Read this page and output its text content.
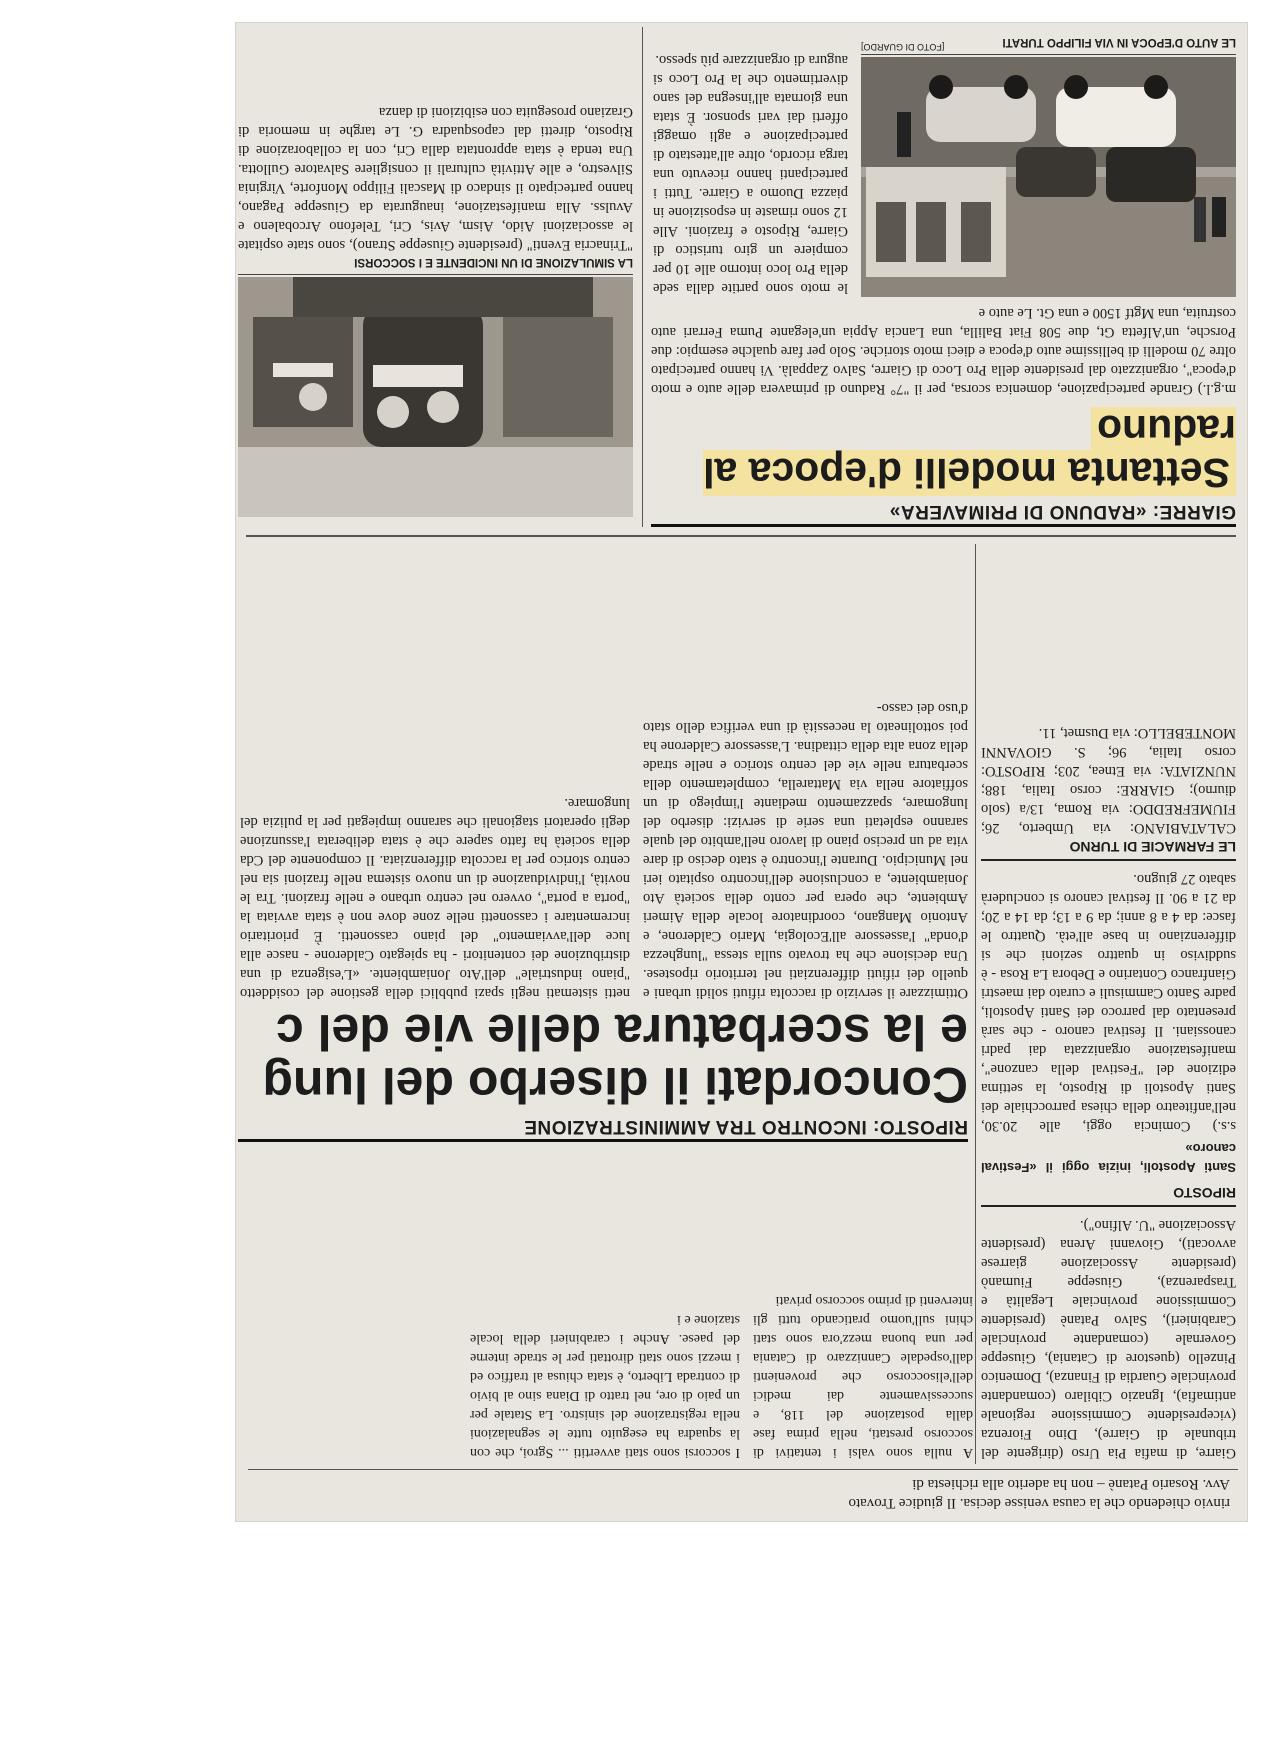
rinvio chiedendo che la causa venisse decisa. Il giudice Trovato
Avv. Rosario Patanè – non ha aderito alla richiesta di

A nulla sono valsi i tentativi di soccorso prestati, nella prima fase dalla postazione del 118, e successivamente dai medici dell'elisoccorso che provenienti dall'ospedale Cannizzaro di Catania per una buona mezz'ora sono stati chini sull'uomo praticando tutti gli interventi di primo soccorso privati

I soccorsi sono stati avvertiti ... Sgroi, che con la squadra ha eseguito tutte le segnalazioni nella registrazione del sinistro. La Statale per un paio di ore, nel tratto di Diana sino al bivio di contrada Liberto, è stata chiusa al traffico ed i mezzi sono stati dirottati per le strade interne del paese. Anche i carabinieri della locale stazione e i

Giarre, di mafia Pia Urso (dirigente del tribunale di Giarre), Dino Fiorenza (vicepresidente Commissione regionale antimafia), Ignazio Cibilaro (comandante provinciale Guardia di Finanza), Domenico Pinzello (questore di Catania), Giuseppe Governale (comandante provinciale Carabinieri), Salvo Patanè (presidente Commissione provinciale Legalità e Trasparenza), Giuseppe Fiumanò (presidente Associazione giarrese avvocati), Giovanni Arena (presidente Associazione "U. Alfino").

RIPOSTO
Santi Apostoli, inizia oggi il «Festival canoro»

s.s.) Comincia oggi, alle 20.30, nell'anfiteatro della chiesa parrocchiale dei Santi Apostoli di Riposto, la settima edizione del "Festival della canzone", manifestazione organizzata dai padri canossiani. Il festival canoro - che sarà presentato dal parroco dei Santi Apostoli, padre Santo Cammisuli e curato dai maestri Gianfranco Contarino e Debora La Rosa - è suddiviso in quattro sezioni che si differenziano in base all'età. Quattro le fasce: da 4 a 8 anni; da 9 a 13; da 14 a 20; da 21 a 90. Il festival canoro si concluderà sabato 27 giugno.

LE FARMACIE DI TURNO

CALATABIANO: via Umberto, 26; FIUMEFREDDO: via Roma, 13/a (solo diurno); GIARRE: corso Italia, 188; NUNZIATA: via Etnea, 203; RIPOSTO: corso Italia, 96; S. GIOVANNI MONTEBELLO: via Dusmet, 11.

RIPOSTO: INCONTRO TRA AMMINISTRAZIONE
Concordati il diserbo del lung
e la scerbatura delle vie del c

Ottimizzare il servizio di raccolta rifiuti solidi urbani e quello dei rifiuti differenziati nel territorio ripostese. Una decisione che ha trovato sulla stessa "lunghezza d'onda" l'assessore all'Ecologia, Mario Calderone, e Antonio Mangano, coordinatore locale della Aimeri Ambiente, che opera per conto della società Ato Joniambiente, a conclusione dell'incontro ospitato ieri nel Municipio. Durante l'incontro è stato deciso di dare vita ad un preciso piano di lavoro nell'ambito del quale saranno espletati una serie di servizi: diserbo del lungomare, spazzamento mediante l'impiego di un soffiatore nella via Mattarella, completamento della scerbatura nelle vie del centro storico e nelle strade della zona alta della cittadina. L'assessore Calderone ha poi sottolineato la necessità di una verifica dello stato d'uso dei casso-

netti sistemati negli spazi pubblici della gestione del cosiddetto "piano industriale" dell'Ato Joniambiente. «L'esigenza di una distribuzione dei contenitori - ha spiegato Calderone - nasce alla luce dell'avviamento" del piano cassonetti. È prioritario incrementare i cassonetti nelle zone dove non è stata avviata la "porta a porta", ovvero nel centro urbano e nelle frazioni. Tra le novità, l'individuazione di un nuovo sistema nelle frazioni sia nel centro storico per la raccolta differenziata. Il componente del Cda della società ha fatto sapere che è stata deliberata l'assunzione degli operatori stagionali che saranno impiegati per la pulizia del lungomare.

GIARRE: «RADUNO DI PRIMAVERA»
Settanta modelli d'epoca al raduno

m.g.l.) Grande partecipazione, domenica scorsa, per il "7° Raduno di primavera delle auto e moto d'epoca", organizzato dal presidente della Pro Loco di Giarre, Salvo Zappalà. Vi hanno partecipato oltre 70 modelli di bellissime auto d'epoca e dieci moto storiche. Solo per fare qualche esempio: due Porsche, un'Alfetta Gt, due 508 Fiat Balilla, una Lancia Appia un'elegante Puma Ferrari auto costruita, una Mgtf 1500 e una Gt. Le auto e

LE AUTO D'EPOCA IN VIA FILIPPO TURATI
[FOTO DI GUARDO]

le moto sono partite dalla sede della Pro loco intorno alle 10 per compiere un giro turistico di Giarre, Riposto e frazioni. Alle 12 sono rimaste in esposizione in piazza Duomo a Giarre. Tutti i partecipanti hanno ricevuto una targa ricordo, oltre all'attestato di partecipazione e agli omaggi offerti dai vari sponsor. È stata una giornata all'insegna del sano divertimento che la Pro Loco si augura di organizzare più spesso.

LA SIMULAZIONE DI UN INCIDENTE E I SOCCORSI

"Trinacria Eventi" (presidente Giuseppe Strano), sono state ospitate le associazioni Aido, Aism, Avis, Cri, Telefono Arcobaleno e Avulss. Alla manifestazione, inaugurata da Giuseppe Pagano, hanno partecipato il sindaco di Mascali Filippo Monforte, Virginia Silvestro, e alle Attività culturali il consigliere Salvatore Gullotta. Una tenda è stata approntata dalla Cri, con la collaborazione di Riposto, diretti dal caposquadra G. Le targhe in memoria di Graziano proseguita con esibizioni di danza
